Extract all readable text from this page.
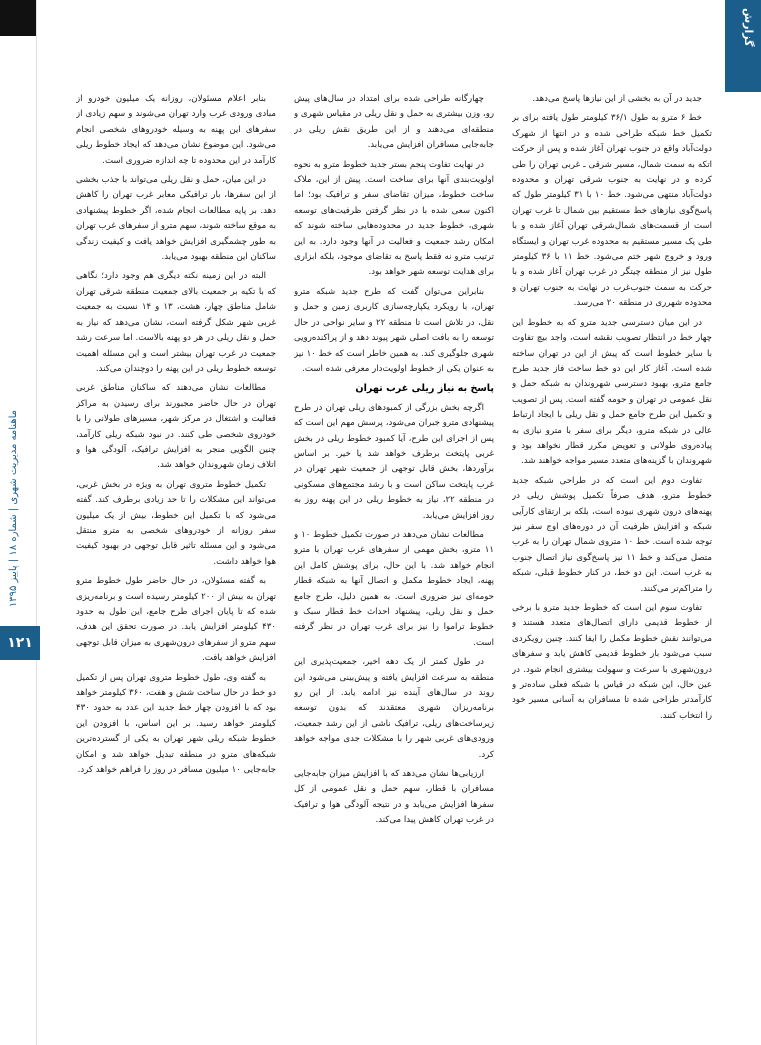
گزارش
ماهنامه مدیریت شهری | شماره ۱۸ | پاییز ۱۳۹۵
۱۲۱

جدید در آن به بخشی از این نیازها پاسخ می‌دهد.

خط ۶ مترو به طول ۳۶/۱ کیلومتر طول یافته برای بر تکمیل خط شبکه طراحی شده و در انتها از شهرک دولت‌آباد واقع در جنوب تهران آغاز شده و پس از حرکت اتکه به سمت شمال، مسیر شرقی ـ غربی تهران را طی کرده و در نهایت به جنوب شرقی تهران و محدوده دولت‌آباد منتهی می‌شود. خط ۱۰ با ۳۱ کیلومتر طول که پاسخ‌گوی نیازهای خط مستقیم بین شمال تا غرب تهران است از قسمت‌های شمال‌شرقی تهران آغاز شده و با طی یک مسیر مستقیم به محدوده غرب تهران و ایستگاه ورود و خروج شهر ختم می‌شود. خط ۱۱ با ۳۶ کیلومتر طول نیز از منطقه چیتگر در غرب تهران آغاز شده و با حرکت به سمت جنوب‌غرب در نهایت به جنوب تهران و محدوده شهرری در منطقه ۲۰ می‌رسد.

در این میان دسترسی جدید مترو که به خطوط این چهار خط در انتظار تصویب نقشه است، واجد بیچ تفاوت با سایر خطوط است که پیش از این در تهران ساخته شده است. آغاز کار این دو خط ساخت فاز جدید طرح جامع مترو، بهبود دسترسی شهروندان به شبکه حمل و نقل عمومی در تهران و حومه گفته است. پس از تصویب و تکمیل این طرح جامع حمل و نقل ریلی با ایجاد ارتباط عالی در شبکه مترو، دیگر برای سفر با مترو نیازی به پیاده‌روی طولانی و تعویض مکرر قطار نخواهد بود و شهروندان با گزینه‌های متعدد مسیر مواجه خواهند شد.

تفاوت دوم این است که در طراحی شبکه جدید خطوط مترو، هدف صرفاً تکمیل پوشش ریلی در پهنه‌های درون شهری نبوده است، بلکه بر ارتقای کارآیی شبکه و افزایش ظرفیت آن در دوره‌های اوج سفر نیز توجه شده است. خط ۱۰ متروی شمال تهران را به غرب متصل می‌کند و خط ۱۱ نیز پاسخ‌گوی نیاز اتصال جنوب به غرب است. این دو خط، در کنار خطوط قبلی، شبکه را متراکم‌تر می‌کنند.

تفاوت سوم این است که خطوط جدید مترو با برخی از خطوط قدیمی دارای اتصال‌های متعدد هستند و می‌توانند نقش خطوط مکمل را ایفا کنند. چنین رویکردی سبب می‌شود بار خطوط قدیمی کاهش یابد و سفرهای درون‌شهری با سرعت و سهولت بیشتری انجام شود. در عین حال، این شبکه در قیاس با شبکه فعلی ساده‌تر و کارآمدتر طراحی شده تا مسافران به آسانی مسیر خود را انتخاب کنند.

چهارگانه طراحی شده برای امتداد در سال‌های پیش رو، وزن بیشتری به حمل و نقل ریلی در مقیاس شهری و منطقه‌ای می‌دهند و از این طریق نقش ریلی در جابه‌جایی مسافران افزایش می‌یابد.

در نهایت تفاوت پنجم بستر جدید خطوط مترو به نحوه اولویت‌بندی آنها برای ساخت است. پیش از این، ملاک ساخت خطوط، میزان تقاضای سفر و ترافیک بود؛ اما اکنون سعی شده با در نظر گرفتن ظرفیت‌های توسعه شهری، خطوط جدید در محدوده‌هایی ساخته شوند که امکان رشد جمعیت و فعالیت در آنها وجود دارد. به این ترتیب مترو نه فقط پاسخ به تقاضای موجود، بلکه ابزاری برای هدایت توسعه شهر خواهد بود.

بنابراین می‌توان گفت که طرح جدید شبکه مترو تهران، با رویکرد یکپارچه‌سازی کاربری زمین و حمل و نقل، در تلاش است تا منطقه ۲۲ و سایر نواحی در حال توسعه را به بافت اصلی شهر پیوند دهد و از پراکنده‌رویی شهری جلوگیری کند. به همین خاطر است که خط ۱۰ نیز به عنوان یکی از خطوط اولویت‌دار معرفی شده است.

پاسخ به نیاز ریلی غرب تهران

اگرچه بخش بزرگی از کمبودهای ریلی تهران در طرح پیشنهادی مترو جبران می‌شود، پرسش مهم این است که پس از اجرای این طرح، آیا کمبود خطوط ریلی در بخش غربی پایتخت برطرف خواهد شد یا خیر. بر اساس برآوردها، بخش قابل توجهی از جمعیت شهر تهران در غرب پایتخت ساکن است و با رشد مجتمع‌های مسکونی در منطقه ۲۲، نیاز به خطوط ریلی در این پهنه روز به روز افزایش می‌یابد.

مطالعات نشان می‌دهد در صورت تکمیل خطوط ۱۰ و ۱۱ مترو، بخش مهمی از سفرهای غرب تهران با مترو انجام خواهد شد. با این حال، برای پوشش کامل این پهنه، ایجاد خطوط مکمل و اتصال آنها به شبکه قطار حومه‌ای نیز ضروری است. به همین دلیل، طرح جامع حمل و نقل ریلی، پیشنهاد احداث خط قطار سبک و خطوط تراموا را نیز برای غرب تهران در نظر گرفته است.

در طول کمتر از یک دهه اخیر، جمعیت‌پذیری این منطقه به سرعت افزایش یافته و پیش‌بینی می‌شود این روند در سال‌های آینده نیز ادامه یابد. از این رو برنامه‌ریزان شهری معتقدند که بدون توسعه زیرساخت‌های ریلی، ترافیک ناشی از این رشد جمعیت، ورودی‌های غربی شهر را با مشکلات جدی مواجه خواهد کرد.

ارزیابی‌ها نشان می‌دهد که با افزایش میزان جابه‌جایی مسافران با قطار، سهم حمل و نقل عمومی از کل سفرها افزایش می‌یابد و در نتیجه آلودگی هوا و ترافیک در غرب تهران کاهش پیدا می‌کند.

بنابر اعلام مسئولان، روزانه یک میلیون خودرو از مبادی ورودی غرب وارد تهران می‌شوند و سهم زیادی از سفرهای این پهنه به وسیله خودروهای شخصی انجام می‌شود. این موضوع نشان می‌دهد که ایجاد خطوط ریلی کارآمد در این محدوده تا چه اندازه ضروری است.

در این میان، حمل و نقل ریلی می‌تواند با جذب بخشی از این سفرها، بار ترافیکی معابر غرب تهران را کاهش دهد. بر پایه مطالعات انجام شده، اگر خطوط پیشنهادی به موقع ساخته شوند، سهم مترو از سفرهای غرب تهران به طور چشمگیری افزایش خواهد یافت و کیفیت زندگی ساکنان این منطقه بهبود می‌یابد.

البته در این زمینه نکته دیگری هم وجود دارد؛ نگاهی که با تکیه بر جمعیت بالای جمعیت منطقه شرقی تهران شامل مناطق چهار، هشت، ۱۳ و ۱۴ نسبت به جمعیت غربی شهر شکل گرفته است، نشان می‌دهد که نیاز به حمل و نقل ریلی در هر دو پهنه بالاست. اما سرعت رشد جمعیت در غرب تهران بیشتر است و این مسئله اهمیت توسعه خطوط ریلی در این پهنه را دوچندان می‌کند.

مطالعات نشان می‌دهند که ساکنان مناطق غربی تهران در حال حاضر مجبورند برای رسیدن به مراکز فعالیت و اشتغال در مرکز شهر، مسیرهای طولانی را با خودروی شخصی طی کنند. در نبود شبکه ریلی کارآمد، چنین الگویی منجر به افزایش ترافیک، آلودگی هوا و اتلاف زمان شهروندان خواهد شد.

تکمیل خطوط متروی تهران به ویژه در بخش غربی، می‌تواند این مشکلات را تا حد زیادی برطرف کند. گفته می‌شود که با تکمیل این خطوط، بیش از یک میلیون سفر روزانه از خودروهای شخصی به مترو منتقل می‌شود و این مسئله تاثیر قابل توجهی در بهبود کیفیت هوا خواهد داشت.

به گفته مسئولان، در حال حاضر طول خطوط مترو تهران به بیش از ۲۰۰ کیلومتر رسیده است و برنامه‌ریزی شده که تا پایان اجرای طرح جامع، این طول به حدود ۴۳۰ کیلومتر افزایش یابد. در صورت تحقق این هدف، سهم مترو از سفرهای درون‌شهری به میزان قابل توجهی افزایش خواهد یافت.

به گفته وی، طول خطوط متروی تهران پس از تکمیل دو خط در حال ساخت شش و هفت، ۳۶۰ کیلومتر خواهد بود که با افزودن چهار خط جدید این عدد به حدود ۴۳۰ کیلومتر خواهد رسید. بر این اساس، با افزودن این خطوط شبکه ریلی شهر تهران به یکی از گسترده‌ترین شبکه‌های مترو در منطقه تبدیل خواهد شد و امکان جابه‌جایی ۱۰ میلیون مسافر در روز را فراهم خواهد کرد.
